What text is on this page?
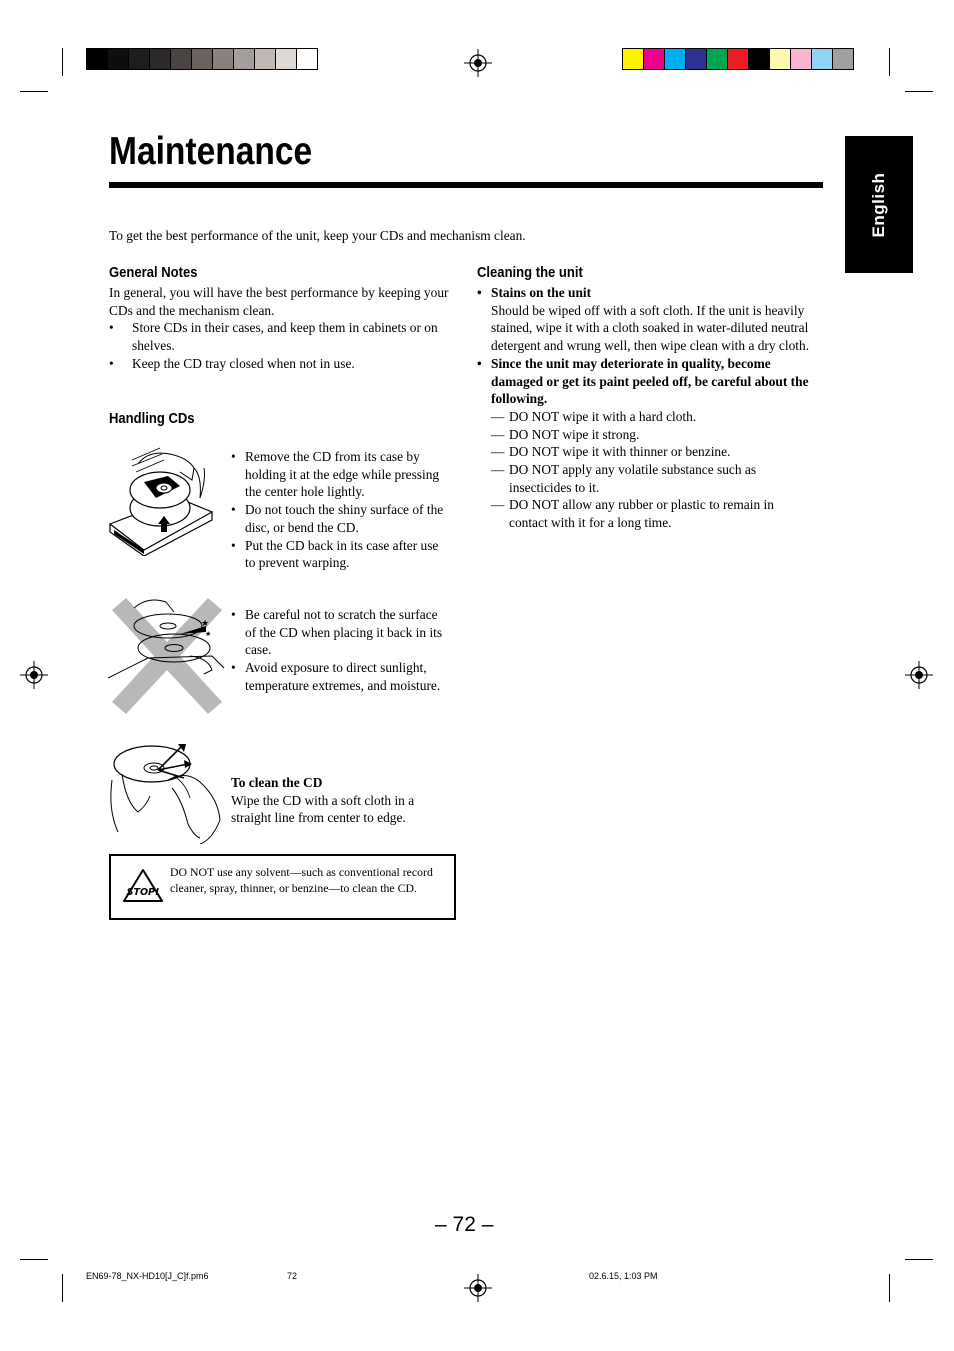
Maintenance
English
To get the best performance of the unit, keep your CDs and mechanism clean.
General Notes
In general, you will have the best performance by keeping your CDs and the mechanism clean.
• Store CDs in their cases, and keep them in cabinets or on shelves.
• Keep the CD tray closed when not in use.
Handling CDs
• Remove the CD from its case by holding it at the edge while pressing the center hole lightly.
• Do not touch the shiny surface of the disc, or bend the CD.
• Put the CD back in its case after use to prevent warping.
★
★
• Be careful not to scratch the surface of the CD when placing it back in its case.
• Avoid exposure to direct sunlight, temperature extremes, and moisture.
To clean the CD
Wipe the CD with a soft cloth in a straight line from center to edge.
STOP!
DO NOT use any solvent—such as conventional record cleaner, spray, thinner, or benzine—to clean the CD.
Cleaning the unit
• Stains on the unit
Should be wiped off with a soft cloth. If the unit is heavily stained, wipe it with a cloth soaked in water-diluted neutral detergent and wrung well, then wipe clean with a dry cloth.
• Since the unit may deteriorate in quality, become damaged or get its paint peeled off, be careful about the following.
— DO NOT wipe it with a hard cloth.
— DO NOT wipe it strong.
— DO NOT wipe it with thinner or benzine.
— DO NOT apply any volatile substance such as insecticides to it.
— DO NOT allow any rubber or plastic to remain in contact with it for a long time.
– 72 –
EN69-78_NX-HD10[J_C]f.pm6	72	02.6.15, 1:03 PM
